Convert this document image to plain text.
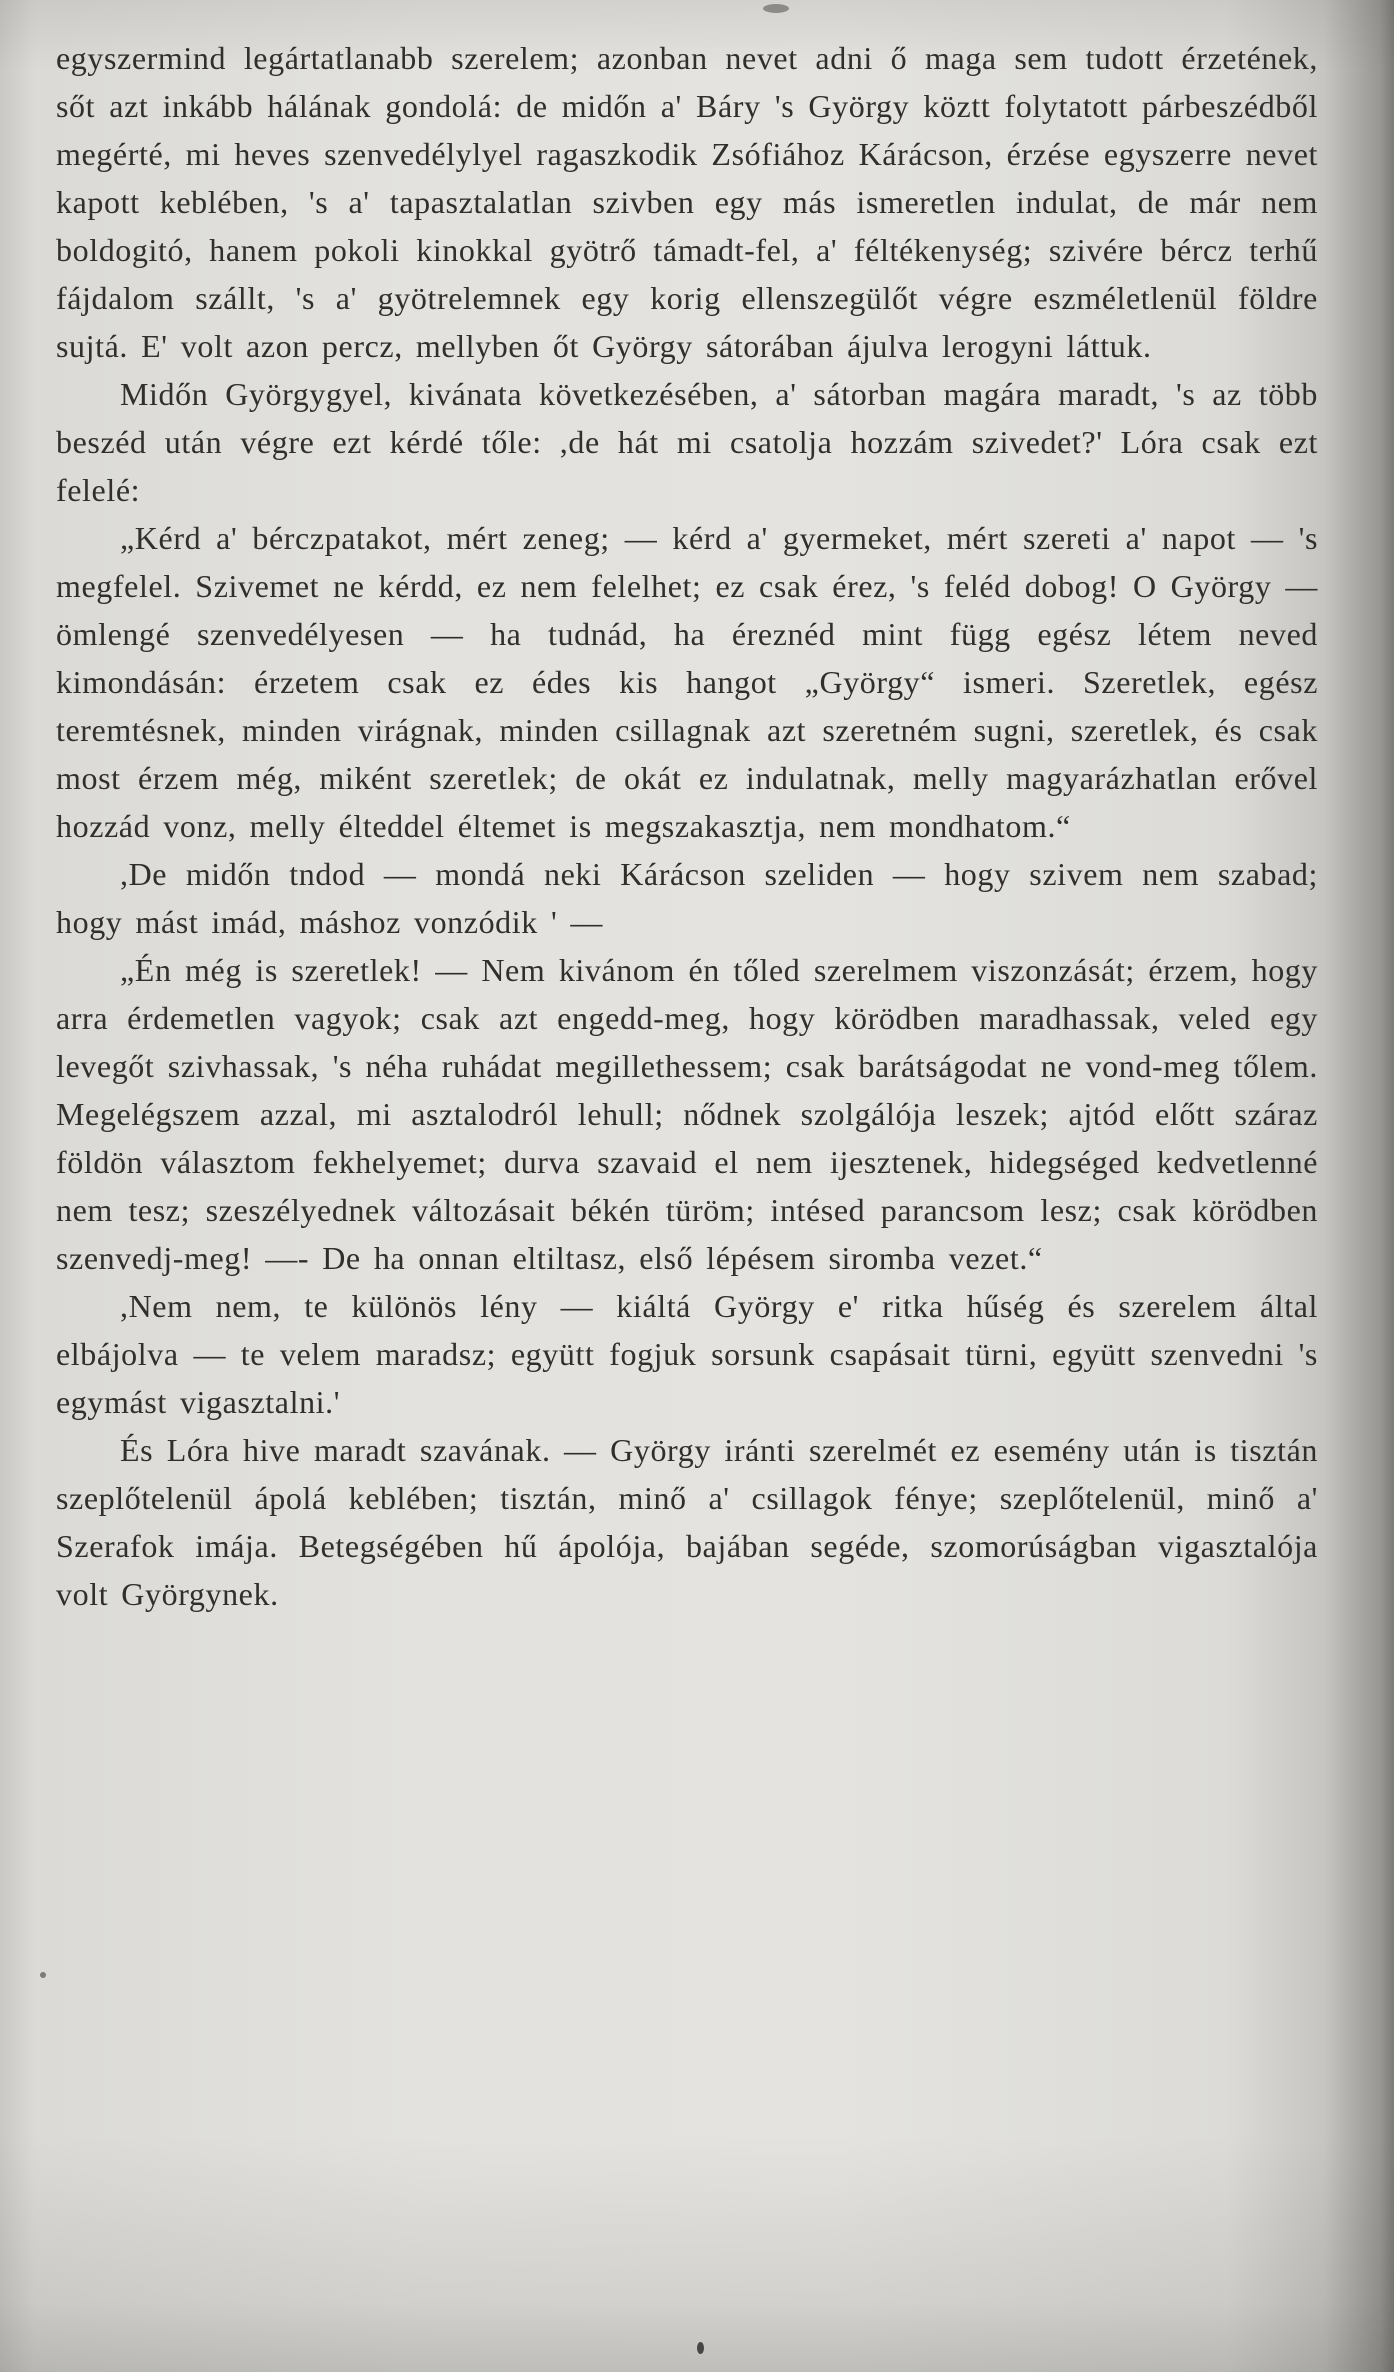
egyszermind legártatlanabb szerelem; azonban nevet adni ő maga sem tudott érzetének, sőt azt inkább hálának gondolá: de midőn a' Báry 's György köztt folytatott párbeszédből megérté, mi heves szenvedélylyel ragaszkodik Zsófiához Kárácson, érzése egyszerre nevet kapott keblében, 's a' tapasztalatlan szivben egy más ismeretlen indulat, de már nem boldogitó, hanem pokoli kinokkal gyötrő támadt-fel, a' féltékenység; szivére bércz terhű fájdalom szállt, 's a' gyötrelemnek egy korig ellenszegülőt végre eszméletlenül földre sujtá. E' volt azon percz, mellyben őt György sátorában ájulva lerogyni láttuk.

Midőn Györgygyel, kivánata következésében, a' sátorban magára maradt, 's az több beszéd után végre ezt kérdé tőle: ,de hát mi csatolja hozzám szivedet?' Lóra csak ezt felelé:

„Kérd a' bérczpatakot, mért zeneg; — kérd a' gyermeket, mért szereti a' napot — 's megfelel. Szivemet ne kérdd, ez nem felelhet; ez csak érez, 's feléd dobog! O György — ömlengé szenvedélyesen — ha tudnád, ha éreznéd mint függ egész létem neved kimondásán: érzetem csak ez édes kis hangot „György“ ismeri. Szeretlek, egész teremtésnek, minden virágnak, minden csillagnak azt szeretném sugni, szeretlek, és csak most érzem még, miként szeretlek; de okát ez indulatnak, melly magyarázhatlan erővel hozzád vonz, melly élteddel éltemet is megszakasztja, nem mondhatom.“

,De midőn tndod — mondá neki Kárácson szeliden — hogy szivem nem szabad; hogy mást imád, máshoz vonzódik ' —

„Én még is szeretlek! — Nem kivánom én tőled szerelmem viszonzását; érzem, hogy arra érdemetlen vagyok; csak azt engedd-meg, hogy körödben maradhassak, veled egy levegőt szivhassak, 's néha ruhádat megillethessem; csak barátságodat ne vond-meg tőlem. Megelégszem azzal, mi asztalodról lehull; nődnek szolgálója leszek; ajtód előtt száraz földön választom fekhelyemet; durva szavaid el nem ijesztenek, hidegséged kedvetlenné nem tesz; szeszélyednek változásait békén türöm; intésed parancsom lesz; csak körödben szenvedj-meg! —- De ha onnan eltiltasz, első lépésem siromba vezet.“

,Nem nem, te különös lény — kiáltá György e' ritka hűség és szerelem által elbájolva — te velem maradsz; együtt fogjuk sorsunk csapásait türni, együtt szenvedni 's egymást vigasztalni.'

És Lóra hive maradt szavának. — György iránti szerelmét ez esemény után is tisztán szeplőtelenül ápolá keblében; tisztán, minő a' csillagok fénye; szeplőtelenül, minő a' Szerafok imája. Betegségében hű ápolója, bajában segéde, szomorúságban vigasztalója volt Györgynek.
